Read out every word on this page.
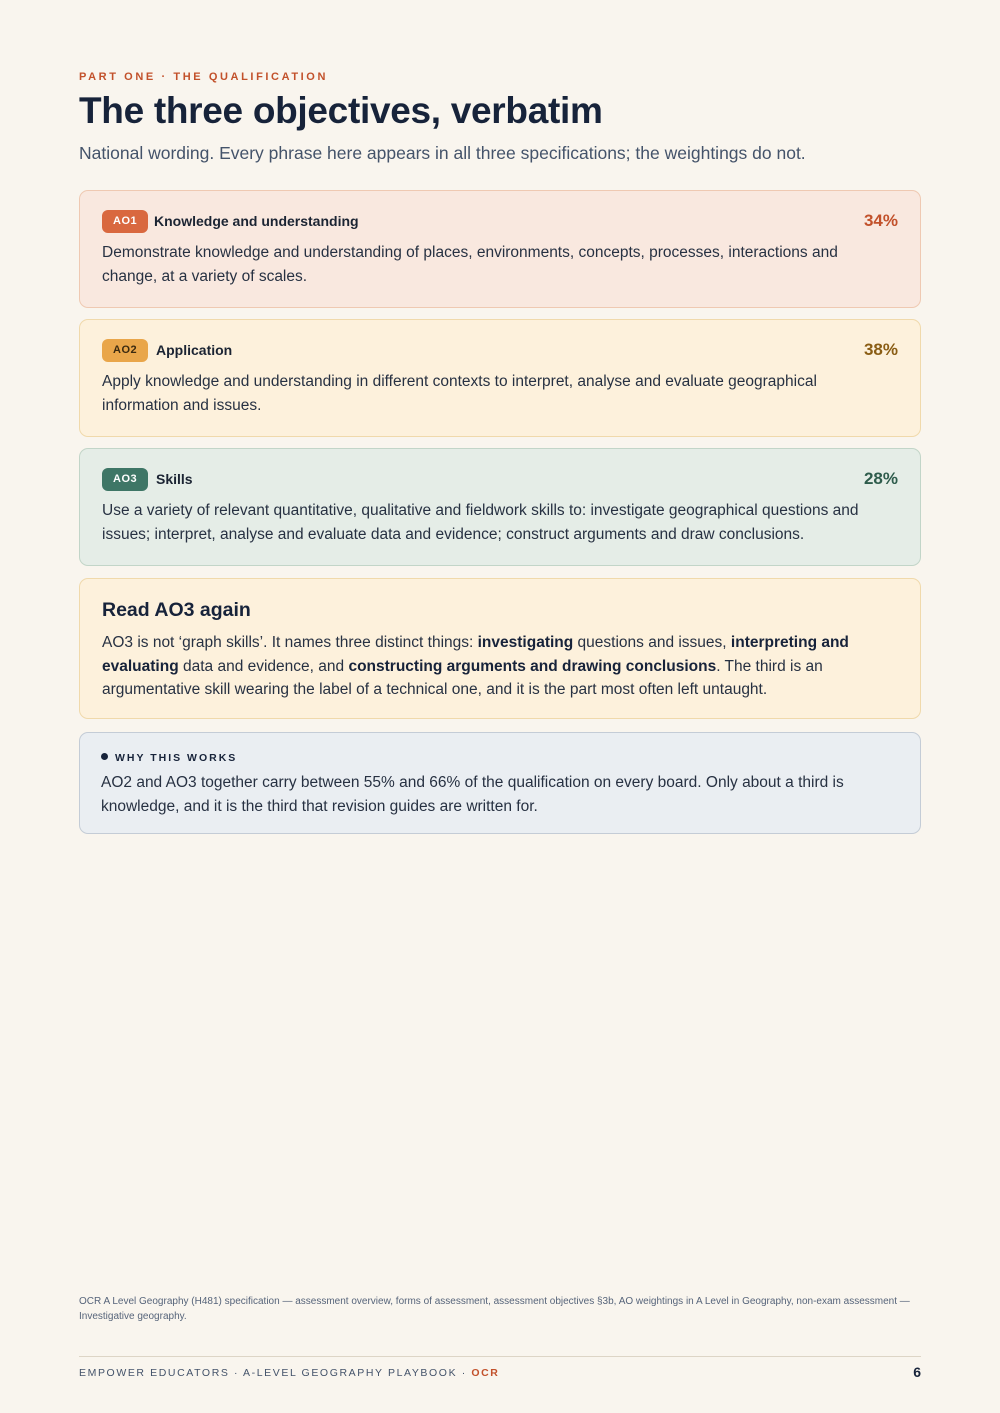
PART ONE · THE QUALIFICATION
The three objectives, verbatim

National wording. Every phrase here appears in all three specifications; the weightings do not.

AO1	Knowledge and understanding	34%

Demonstrate knowledge and understanding of places, environments, concepts, processes, interactions and change, at a variety of scales.

AO2	Application	38%

Apply knowledge and understanding in different contexts to interpret, analyse and evaluate geographical information and issues.

AO3	Skills	28%

Use a variety of relevant quantitative, qualitative and fieldwork skills to: investigate geographical questions and issues; interpret, analyse and evaluate data and evidence; construct arguments and draw conclusions.

Read AO3 again

AO3 is not ‘graph skills’. It names three distinct things: investigating questions and issues, interpreting and evaluating data and evidence, and constructing arguments and drawing conclusions. The third is an argumentative skill wearing the label of a technical one, and it is the part most often left untaught.

WHY THIS WORKS

AO2 and AO3 together carry between 55% and 66% of the qualification on every board. Only about a third is knowledge, and it is the third that revision guides are written for.

OCR A Level Geography (H481) specification — assessment overview, forms of assessment, assessment objectives §3b, AO weightings in A Level in Geography, non-exam assessment — Investigative geography.

EMPOWER EDUCATORS · A-LEVEL GEOGRAPHY PLAYBOOK · OCR	6
